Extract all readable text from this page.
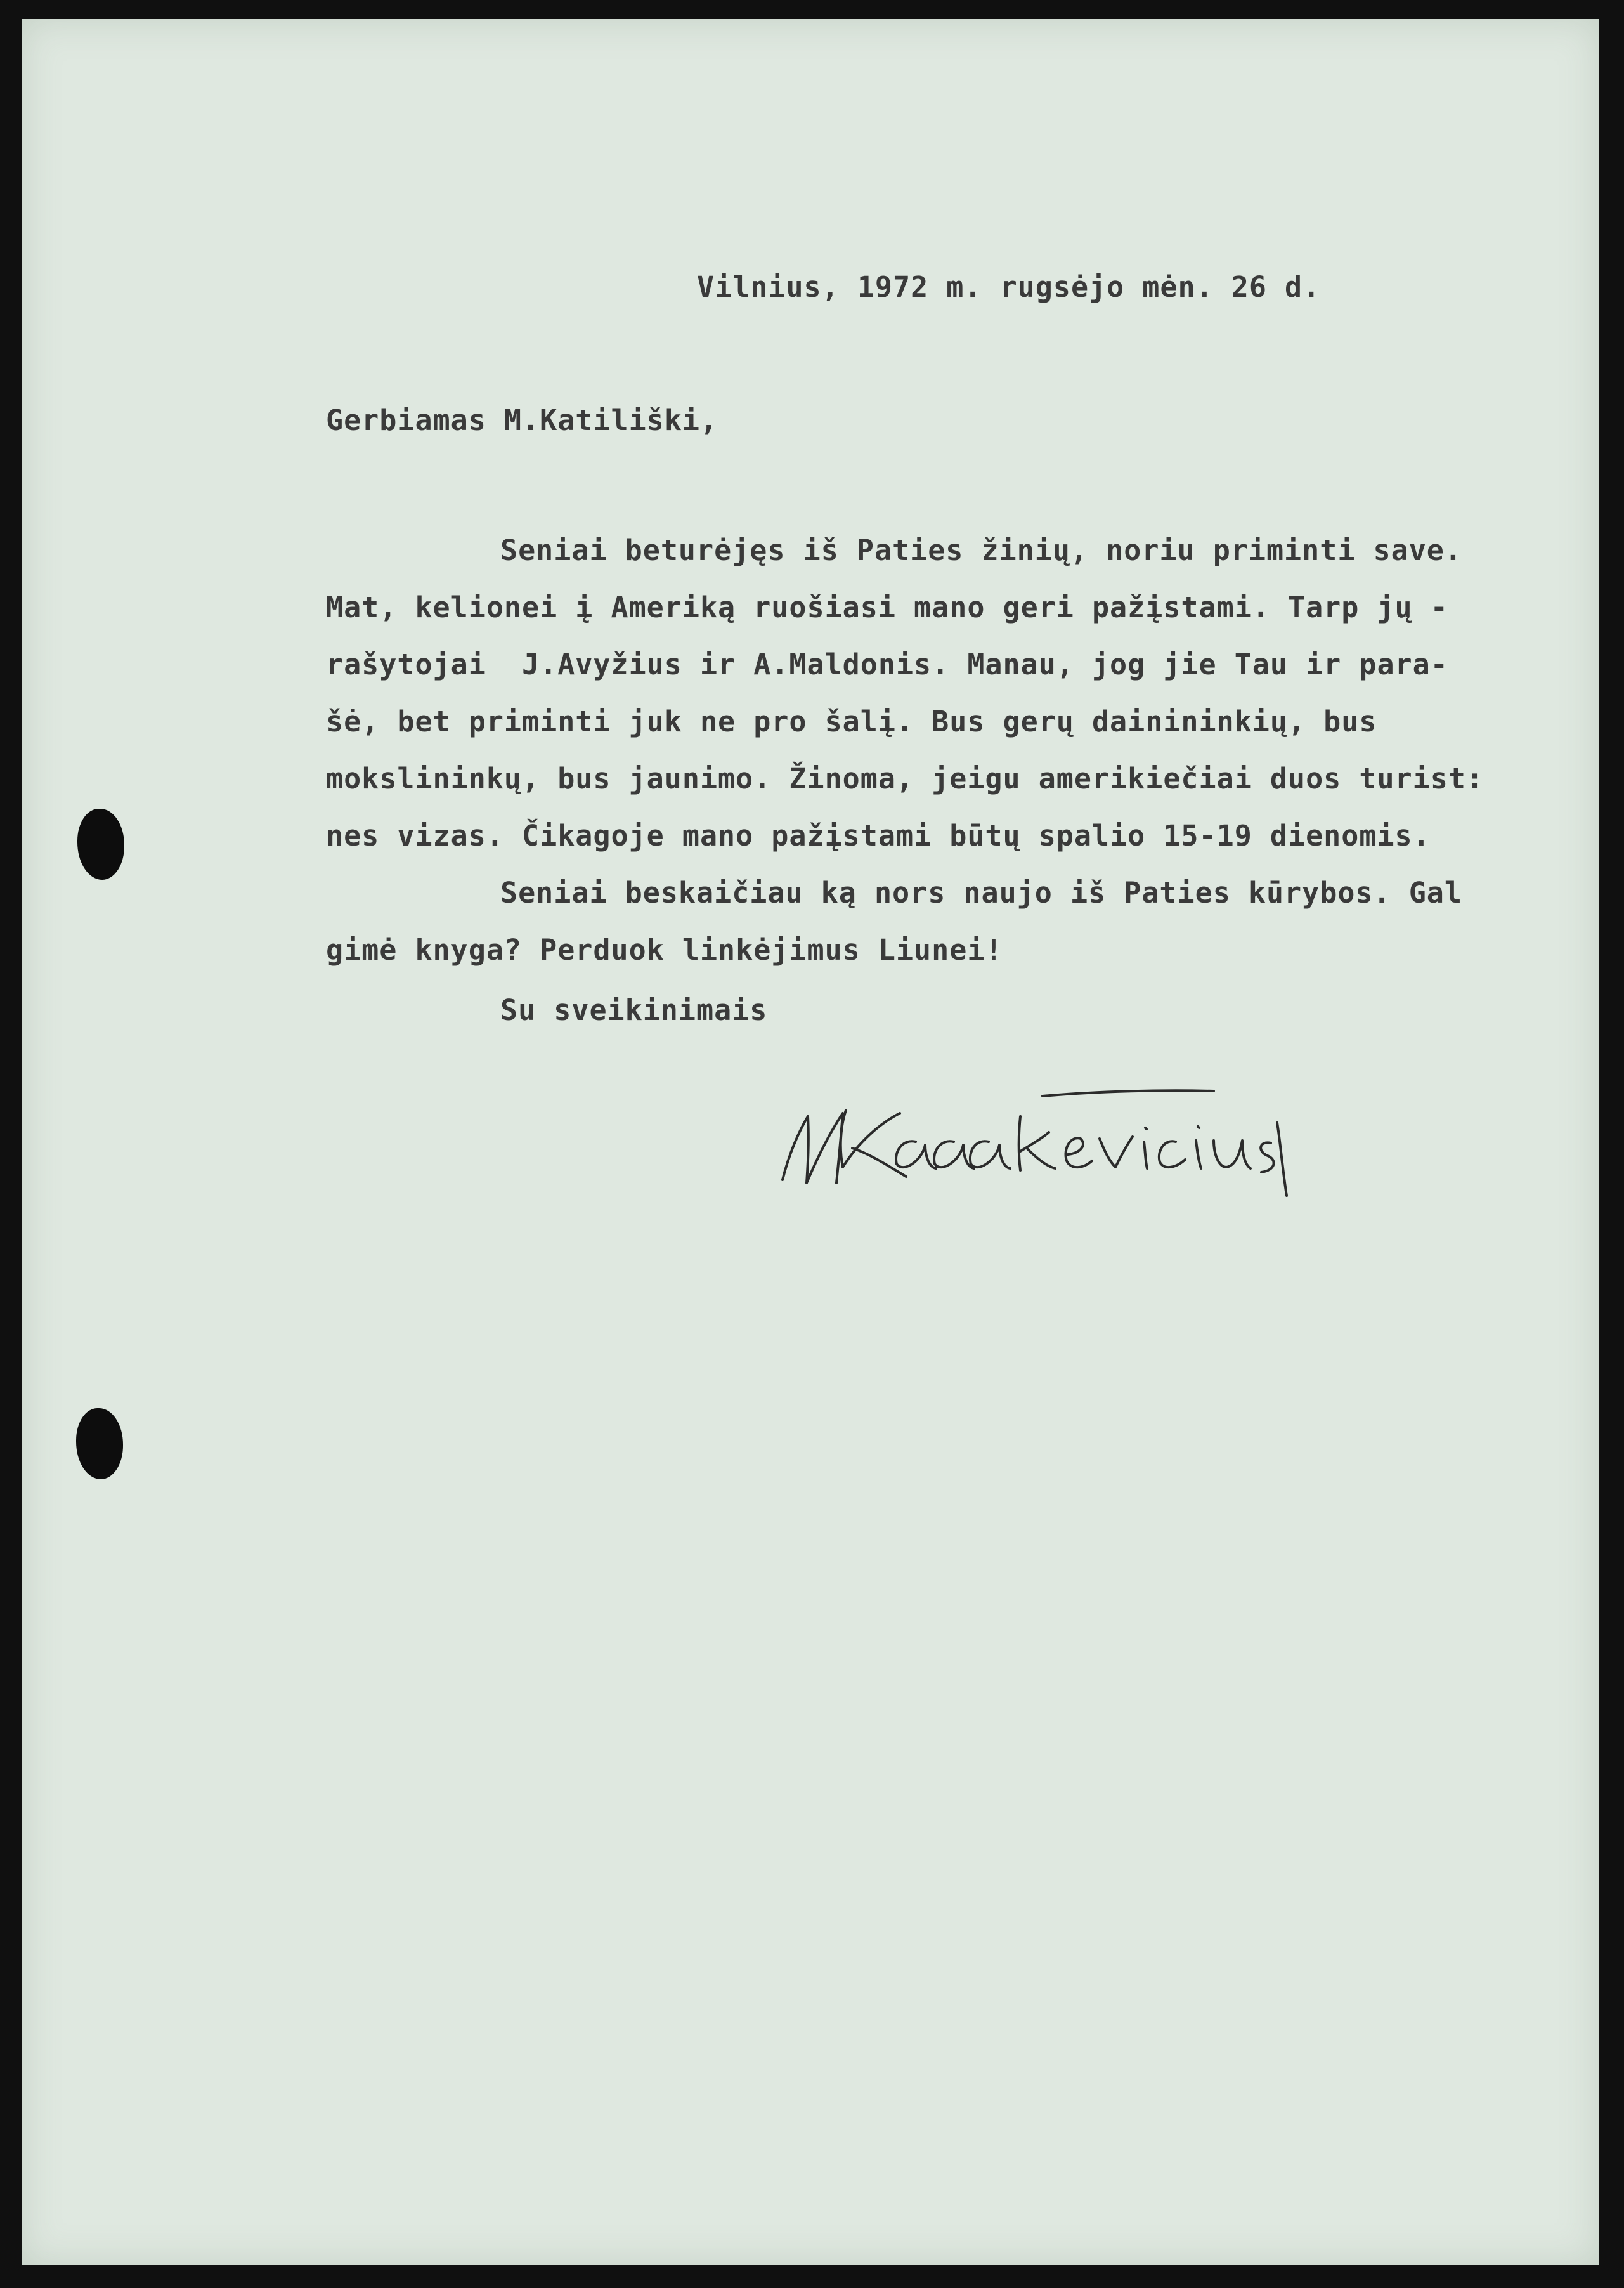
Vilnius, 1972 m. rugsėjo mėn. 26 d.
Gerbiamas M.Katiliški,
Seniai beturėjęs iš Paties žinių, noriu priminti save.
Mat, kelionei į Ameriką ruošiasi mano geri pažįstami. Tarp jų -
rašytojai  J.Avyžius ir A.Maldonis. Manau, jog jie Tau ir para-
šė, bet priminti juk ne pro šalį. Bus gerų dainininkių, bus
mokslininkų, bus jaunimo. Žinoma, jeigu amerikiečiai duos turist:
nes vizas. Čikagoje mano pažįstami būtų spalio 15-19 dienomis.
Seniai beskaičiau ką nors naujo iš Paties kūrybos. Gal
gimė knyga? Perduok linkėjimus Liunei!
Su sveikinimais
